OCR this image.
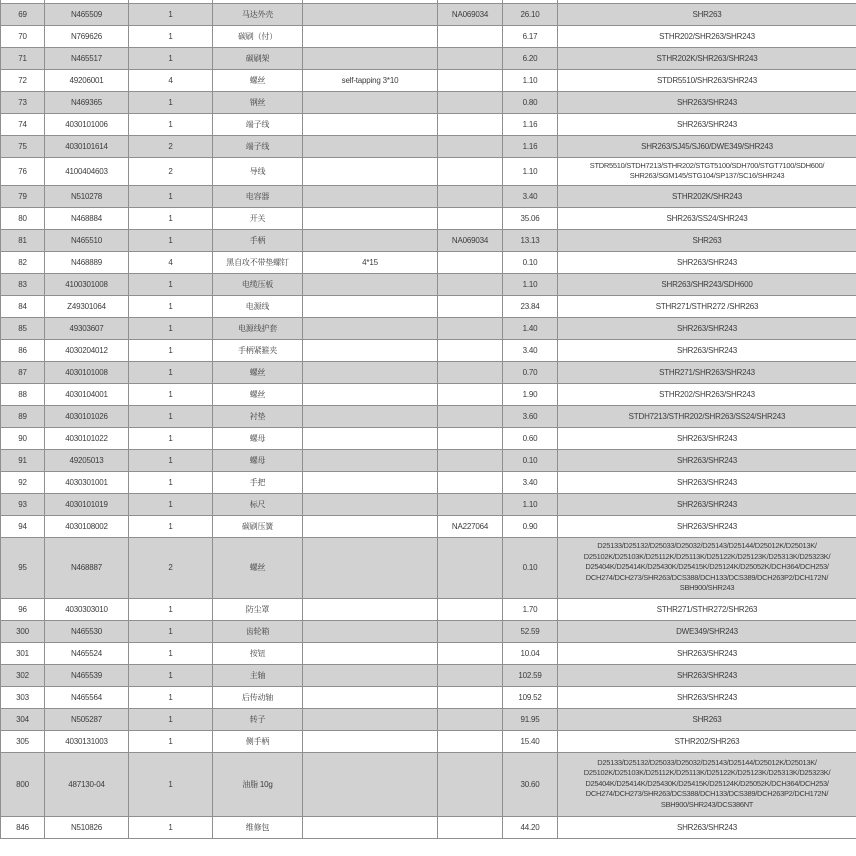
69	N465509	1	马达外壳		NA069034	26.10	SHR263
70	N769626	1	碳刷（付）			6.17	STHR202/SHR263/SHR243
71	N465517	1	碳刷架			6.20	STHR202K/SHR263/SHR243
72	49206001	4	螺丝	self-tapping 3*10		1.10	STDR5510/SHR263/SHR243
73	N469365	1	钢丝			0.80	SHR263/SHR243
74	4030101006	1	端子线			1.16	SHR263/SHR243
75	4030101614	2	端子线			1.16	SHR263/SJ45/SJ60/DWE349/SHR243
76	4100404603	2	导线			1.10	STDR5510/STDH7213/STHR202/STGT5100/SDH700/STGT7100/SDH600/
SHR263/SGM145/STG104/SP137/SC16/SHR243
79	N510278	1	电容器			3.40	STHR202K/SHR243
80	N468884	1	开关			35.06	SHR263/SS24/SHR243
81	N465510	1	手柄		NA069034	13.13	SHR263
82	N468889	4	黑自攻不带垫螺钉	4*15		0.10	SHR263/SHR243
83	4100301008	1	电缆压板			1.10	SHR263/SHR243/SDH600
84	Z49301064	1	电源线			23.84	STHR271/STHR272 /SHR263
85	49303607	1	电源线护套			1.40	SHR263/SHR243
86	4030204012	1	手柄紧箍夹			3.40	SHR263/SHR243
87	4030101008	1	螺丝			0.70	STHR271/SHR263/SHR243
88	4030104001	1	螺丝			1.90	STHR202/SHR263/SHR243
89	4030101026	1	衬垫			3.60	STDH7213/STHR202/SHR263/SS24/SHR243
90	4030101022	1	螺母			0.60	SHR263/SHR243
91	49205013	1	螺母			0.10	SHR263/SHR243
92	4030301001	1	手把			3.40	SHR263/SHR243
93	4030101019	1	标尺			1.10	SHR263/SHR243
94	4030108002	1	碳刷压簧		NA227064	0.90	SHR263/SHR243
95	N468887	2	螺丝			0.10	D25133/D25132/D25033/D25032/D25143/D25144/D25012K/D25013K/
D25102K/D25103K/D25112K/D25113K/D25122K/D25123K/D25313K/D25323K/
D25404K/D25414K/D25430K/D25415K/D25124K/D25052K/DCH364/DCH253/
DCH274/DCH273/SHR263/DCS388/DCH133/DCS389/DCH263P2/DCH172N/
SBH900/SHR243
96	4030303010	1	防尘罩			1.70	STHR271/STHR272/SHR263
300	N465530	1	齿轮箱			52.59	DWE349/SHR243
301	N465524	1	按钮			10.04	SHR263/SHR243
302	N465539	1	主轴			102.59	SHR263/SHR243
303	N465564	1	后传动轴			109.52	SHR263/SHR243
304	N505287	1	转子			91.95	SHR263
305	4030131003	1	侧手柄			15.40	STHR202/SHR263
800	487130-04	1	油脂 10g			30.60	D25133/D25132/D25033/D25032/D25143/D25144/D25012K/D25013K/
D25102K/D25103K/D25112K/D25113K/D25122K/D25123K/D25313K/D25323K/
D25404K/D25414K/D25430K/D25415K/D25124K/D25052K/DCH364/DCH253/
DCH274/DCH273/SHR263/DCS388/DCH133/DCS389/DCH263P2/DCH172N/
SBH900/SHR243/DCS386NT
846	N510826	1	维修包			44.20	SHR263/SHR243
